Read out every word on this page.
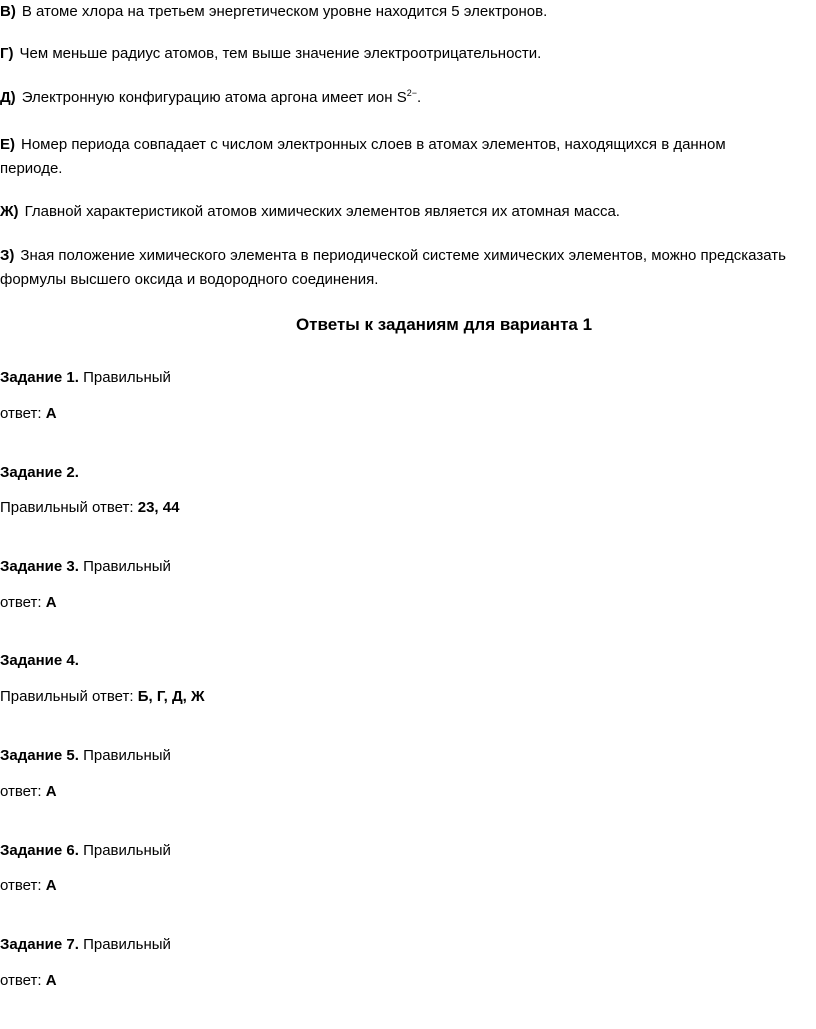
В) В атоме хлора на третьем энергетическом уровне находится 5 электронов.
Г) Чем меньше радиус атомов, тем выше значение электроотрицательности.
Д) Электронную конфигурацию атома аргона имеет ион $S^{2-}$.
Е) Номер периода совпадает с числом электронных слоев в атомах элементов, находящихся в данном периоде.
Ж) Главной характеристикой атомов химических элементов является их атомная масса.
З) Зная положение химического элемента в периодической системе химических элементов, можно предсказать формулы высшего оксида и водородного соединения.
Ответы к заданиям для варианта 1
Задание 1. Правильный
ответ: А
Задание 2.
Правильный ответ: 23, 44
Задание 3. Правильный
ответ: А
Задание 4.
Правильный ответ: Б, Г, Д, Ж
Задание 5. Правильный
ответ: А
Задание 6. Правильный
ответ: А
Задание 7. Правильный
ответ: А
